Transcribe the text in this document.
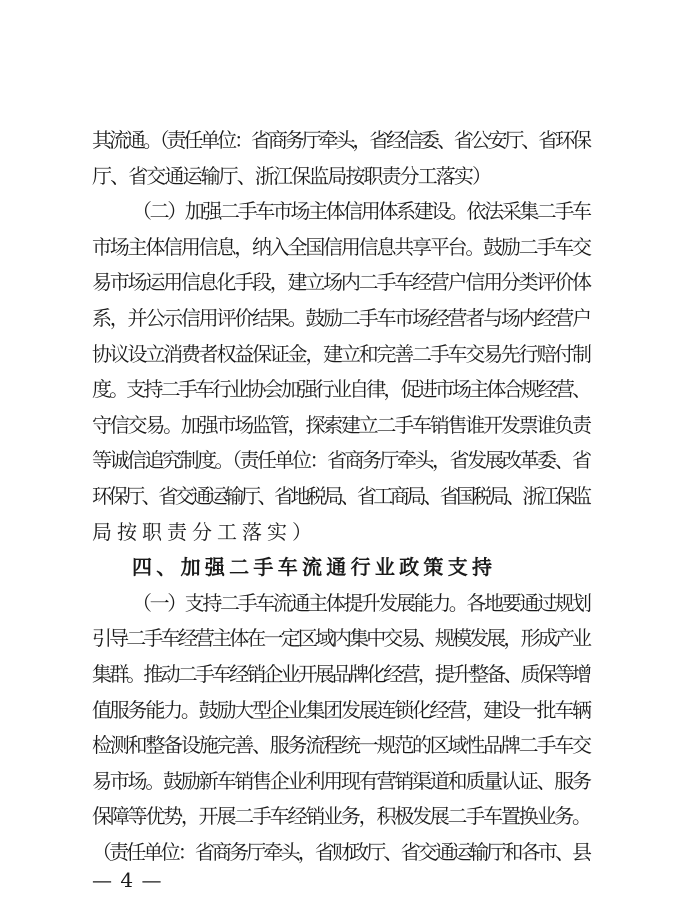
其流通。（责任单位：省商务厅牵头，省经信委、省公安厅、省环保
厅、省交通运输厅、浙江保监局按职责分工落实）
（二）加强二手车市场主体信用体系建设。依法采集二手车
市场主体信用信息，纳入全国信用信息共享平台。鼓励二手车交
易市场运用信息化手段，建立场内二手车经营户信用分类评价体
系，并公示信用评价结果。鼓励二手车市场经营者与场内经营户
协议设立消费者权益保证金，建立和完善二手车交易先行赔付制
度。支持二手车行业协会加强行业自律，促进市场主体合规经营、
守信交易。加强市场监管，探索建立二手车销售谁开发票谁负责
等诚信追究制度。（责任单位：省商务厅牵头，省发展改革委、省
环保厅、省交通运输厅、省地税局、省工商局、省国税局、浙江保监
局按职责分工落实）
四、加强二手车流通行业政策支持
（一）支持二手车流通主体提升发展能力。各地要通过规划
引导二手车经营主体在一定区域内集中交易、规模发展，形成产业
集群。推动二手车经销企业开展品牌化经营，提升整备、质保等增
值服务能力。鼓励大型企业集团发展连锁化经营，建设一批车辆
检测和整备设施完善、服务流程统一规范的区域性品牌二手车交
易市场。鼓励新车销售企业利用现有营销渠道和质量认证、服务
保障等优势，开展二手车经销业务，积极发展二手车置换业务。
（责任单位：省商务厅牵头，省财政厅、省交通运输厅和各市、县
— 4 —
